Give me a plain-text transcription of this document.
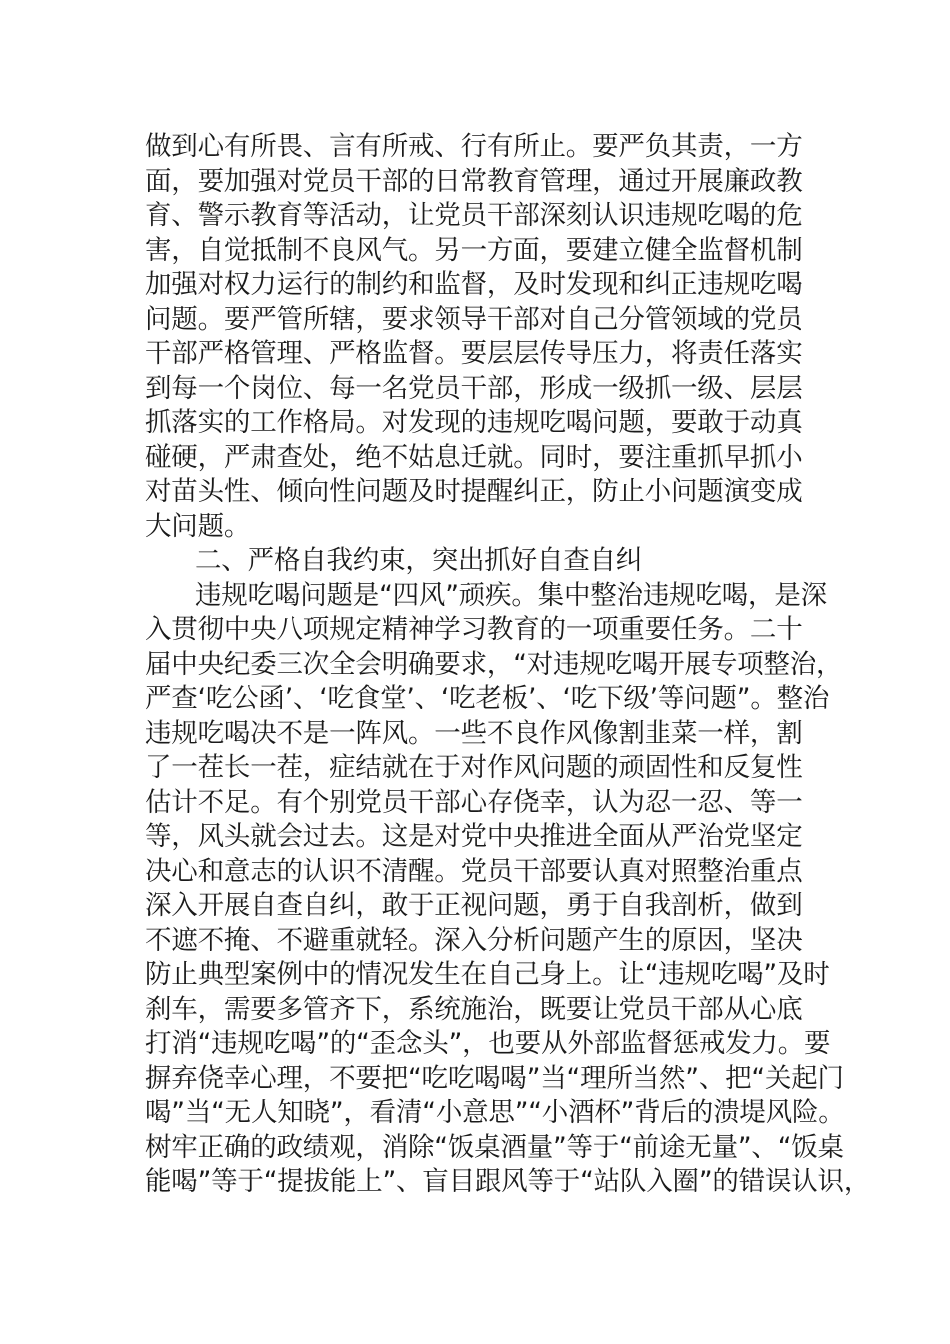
做到心有所畏、言有所戒、行有所止。要严负其责，一方
面，要加强对党员干部的日常教育管理，通过开展廉政教
育、警示教育等活动，让党员干部深刻认识违规吃喝的危
害，自觉抵制不良风气。另一方面，要建立健全监督机制
加强对权力运行的制约和监督，及时发现和纠正违规吃喝
问题。要严管所辖，要求领导干部对自己分管领域的党员
干部严格管理、严格监督。要层层传导压力，将责任落实
到每一个岗位、每一名党员干部，形成一级抓一级、层层
抓落实的工作格局。对发现的违规吃喝问题，要敢于动真
碰硬，严肃查处，绝不姑息迁就。同时，要注重抓早抓小
对苗头性、倾向性问题及时提醒纠正，防止小问题演变成
大问题。
二、严格自我约束，突出抓好自查自纠
违规吃喝问题是“四风”顽疾。集中整治违规吃喝，是深
入贯彻中央八项规定精神学习教育的一项重要任务。二十
届中央纪委三次全会明确要求，“对违规吃喝开展专项整治，
严查‘吃公函’、‘吃食堂’、‘吃老板’、‘吃下级’等问题”。整治
违规吃喝决不是一阵风。一些不良作风像割韭菜一样，割
了一茬长一茬，症结就在于对作风问题的顽固性和反复性
估计不足。有个别党员干部心存侥幸，认为忍一忍、等一
等，风头就会过去。这是对党中央推进全面从严治党坚定
决心和意志的认识不清醒。党员干部要认真对照整治重点
深入开展自查自纠，敢于正视问题，勇于自我剖析，做到
不遮不掩、不避重就轻。深入分析问题产生的原因，坚决
防止典型案例中的情况发生在自己身上。让“违规吃喝”及时
刹车，需要多管齐下，系统施治，既要让党员干部从心底
打消“违规吃喝”的“歪念头”，也要从外部监督惩戒发力。要
摒弃侥幸心理，不要把“吃吃喝喝”当“理所当然”、把“关起门
喝”当“无人知晓”，看清“小意思”“小酒杯”背后的溃堤风险。
树牢正确的政绩观，消除“饭桌酒量”等于“前途无量”、“饭桌
能喝”等于“提拔能上”、盲目跟风等于“站队入圈”的错误认识，
